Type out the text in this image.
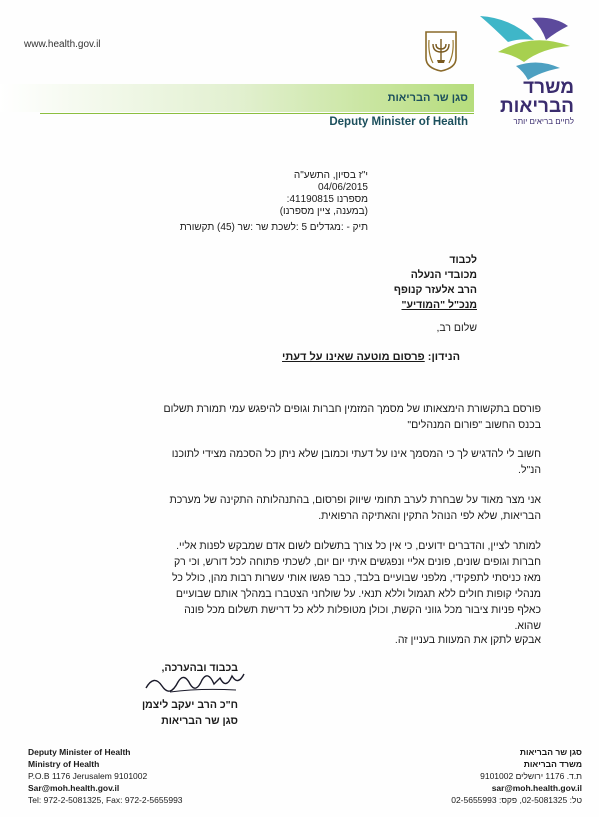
www.health.gov.il
משרד
הבריאות
לחיים בריאים יותר
סגן שר הבריאות
Deputy Minister of Health
י"ז בסיון, התשע"ה
04/06/2015
מספרנו 41190815:
(במענה, ציין מספרנו)
תיק - :מגדלים 5 :לשכת שר :שר (45) תקשורת
לכבוד
מכובדי הנעלה
הרב אלעזר קנופף
מנכ"ל "המודיע"
שלום רב,
הנידון: פרסום מוטעה שאינו על דעתי
פורסם בתקשורת הימצאותו של מסמך המזמין חברות וגופים להיפגש עמי תמורת תשלום
בכנס החשוב "פורום המנהלים"
חשוב לי להדגיש לך כי המסמך אינו על דעתי וכמובן שלא ניתן כל הסכמה מצידי לתוכנו
הנ"ל.
אני מצר מאוד על שבחרת לערב תחומי שיווק ופרסום, בהתנהלותה התקינה של מערכת
הבריאות, שלא לפי הנוהל התקין והאתיקה הרפואית.
למותר לציין, והדברים ידועים, כי אין כל צורך בתשלום לשום אדם שמבקש לפנות אליי.
חברות וגופים שונים, פונים אליי ונפגשים איתי יום יום, לשכתי פתוחה לכל דורש, וכי רק
מאז כניסתי לתפקידי, מלפני שבועיים בלבד, כבר פגשו אותי עשרות רבות מהן, כולל כל
מנהלי קופות חולים ללא תגמול וללא תנאי. על שולחני הצטברו במהלך אותם שבועיים
כאלף פניות ציבור מכל גווני הקשת, וכולן מטופלות ללא כל דרישת תשלום מכל פונה
שהוא.
אבקש לתקן את המעוות בעניין זה.
בכבוד ובהערכה,
ח"כ הרב יעקב ליצמן
סגן שר הבריאות
Deputy Minister of Health
Ministry of Health
P.O.B 1176 Jerusalem 9101002
Sar@moh.health.gov.il
Tel: 972-2-5081325, Fax: 972-2-5655993
סגן שר הבריאות
משרד הבריאות
ת.ד. 1176 ירושלים 9101002
sar@moh.health.gov.il
טל: 02-5081325, פקס: 02-5655993
